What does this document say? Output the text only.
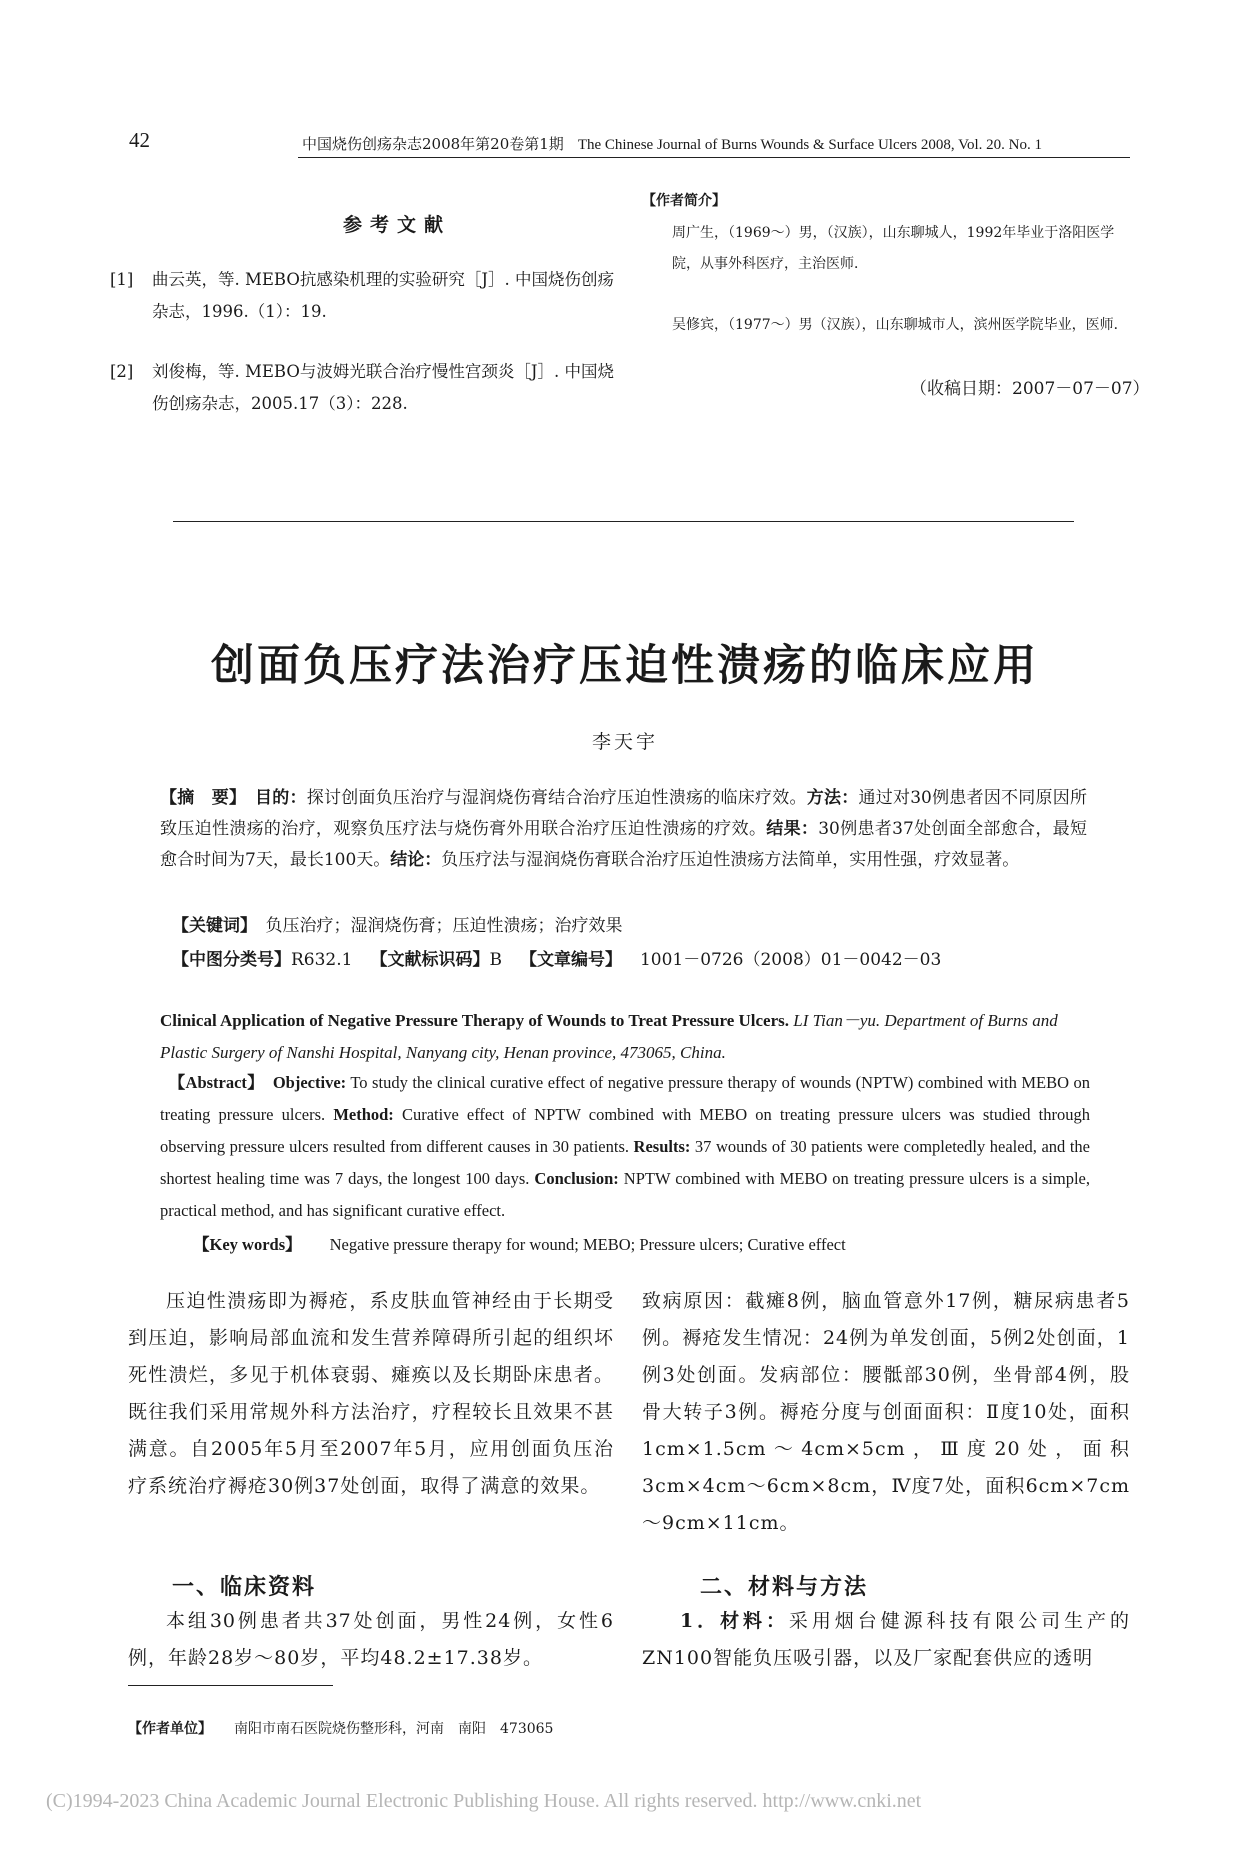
42	中国烧伤创疡杂志2008年第20卷第1期 The Chinese Journal of Burns Wounds & Surface Ulcers 2008, Vol. 20. No. 1
参考文献
[1]	曲云英，等. MEBO抗感染机理的实验研究［J］. 中国烧伤创疡杂志，1996.（1）：19.
[2]	刘俊梅，等. MEBO与波姆光联合治疗慢性宫颈炎［J］. 中国烧伤创疡杂志，2005.17（3）：228.
【作者简介】
周广生，（1969～）男，（汉族），山东聊城人，1992年毕业于洛阳医学院，从事外科医疗，主治医师．
吴修宾，（1977～）男（汉族），山东聊城市人，滨州医学院毕业，医师．
（收稿日期：2007－07－07）
创面负压疗法治疗压迫性溃疡的临床应用
李天宇
【摘　要】　 目的：探讨创面负压治疗与湿润烧伤膏结合治疗压迫性溃疡的临床疗效。方法：通过对30例患者因不同原因所致压迫性溃疡的治疗，观察负压疗法与烧伤膏外用联合治疗压迫性溃疡的疗效。结果：30例患者37处创面全部愈合，最短愈合时间为7天，最长100天。结论：负压疗法与湿润烧伤膏联合治疗压迫性溃疡方法简单，实用性强，疗效显著。
【关键词】　 负压治疗；湿润烧伤膏；压迫性溃疡；治疗效果
【中图分类号】R632.1 【文献标识码】B 【文章编号】 1001－0726（2008）01－0042－03
Clinical Application of Negative Pressure Therapy of Wounds to Treat Pressure Ulcers. LI Tian－yu. Department of Burns and Plastic Surgery of Nanshi Hospital, Nanyang city, Henan province, 473065, China.
　【Abstract】　 Objective: To study the clinical curative effect of negative pressure therapy of wounds (NPTW) combined with MEBO on treating pressure ulcers. Method: Curative effect of NPTW combined with MEBO on treating pressure ulcers was studied through observing pressure ulcers resulted from different causes in 30 patients. Results: 37 wounds of 30 patients were completedly healed, and the shortest healing time was 7 days, the longest 100 days. Conclusion: NPTW combined with MEBO on treating pressure ulcers is a simple, practical method, and has significant curative effect.
【Key words】 Negative pressure therapy for wound; MEBO; Pressure ulcers; Curative effect
压迫性溃疡即为褥疮，系皮肤血管神经由于长期受到压迫，影响局部血流和发生营养障碍所引起的组织坏死性溃烂，多见于机体衰弱、瘫痪以及长期卧床患者。既往我们采用常规外科方法治疗，疗程较长且效果不甚满意。自2005年5月至2007年5月，应用创面负压治疗系统治疗褥疮30例37处创面，取得了满意的效果。
一、临床资料
本组30例患者共37处创面，男性24例，女性6例，年龄28岁～80岁，平均48.2±17.38岁。
致病原因：截瘫8例，脑血管意外17例，糖尿病患者5例。褥疮发生情况：24例为单发创面，5例2处创面，1例3处创面。发病部位：腰骶部30例，坐骨部4例，股骨大转子3例。褥疮分度与创面面积：Ⅱ度10处，面积1cm×1.5cm～4cm×5cm，Ⅲ度20处，面积3cm×4cm～6cm×8cm，Ⅳ度7处，面积6cm×7cm～9cm×11cm。
二、材料与方法
1．材料：采用烟台健源科技有限公司生产的ZN100智能负压吸引器，以及厂家配套供应的透明
【作者单位】 南阳市南石医院烧伤整形科，河南　南阳　473065
(C)1994-2023 China Academic Journal Electronic Publishing House. All rights reserved. http://www.cnki.net
